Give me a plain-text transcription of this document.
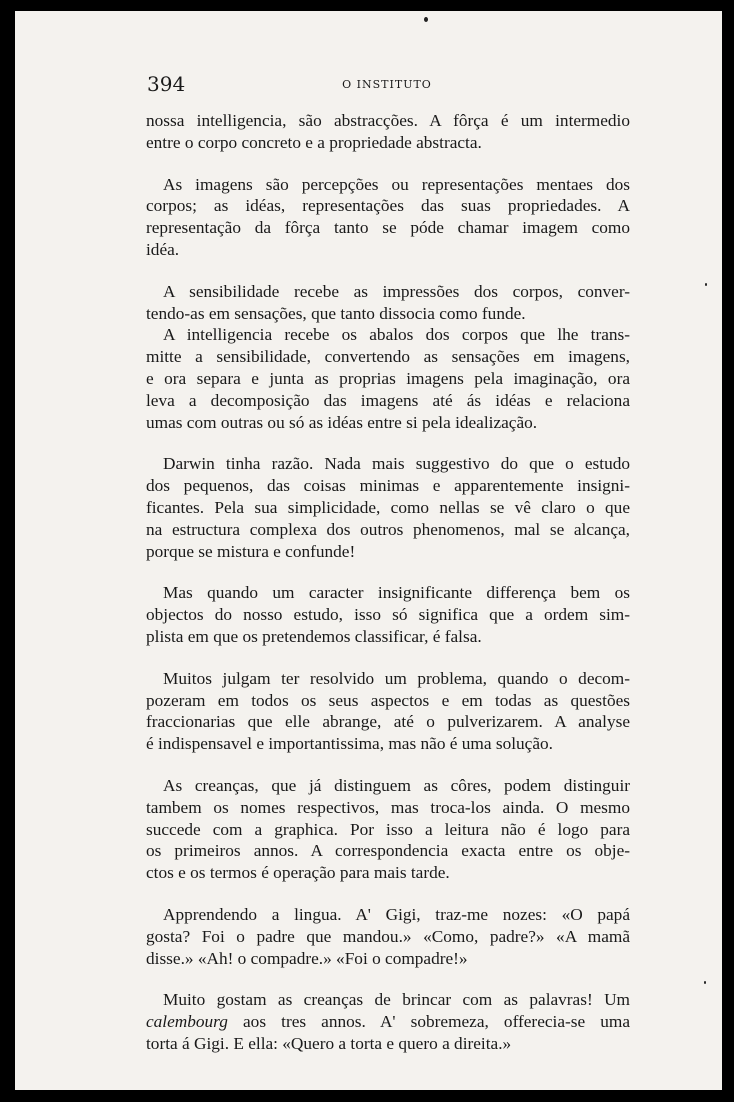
394	O INSTITUTO
nossa intelligencia, são abstracções. A fôrça é um intermedio
entre o corpo concreto e a propriedade abstracta.
As imagens são percepções ou representações mentaes dos
corpos; as idéas, representações das suas propriedades. A
representação da fôrça tanto se póde chamar imagem como
idéa.
A sensibilidade recebe as impressões dos corpos, conver-
tendo-as em sensações, que tanto dissocia como funde.
A intelligencia recebe os abalos dos corpos que lhe trans-
mitte a sensibilidade, convertendo as sensações em imagens,
e ora separa e junta as proprias imagens pela imaginação, ora
leva a decomposição das imagens até ás idéas e relaciona
umas com outras ou só as idéas entre si pela idealização.
Darwin tinha razão. Nada mais suggestivo do que o estudo
dos pequenos, das coisas minimas e apparentemente insigni-
ficantes. Pela sua simplicidade, como nellas se vê claro o que
na estructura complexa dos outros phenomenos, mal se alcança,
porque se mistura e confunde!
Mas quando um caracter insignificante differença bem os
objectos do nosso estudo, isso só significa que a ordem sim-
plista em que os pretendemos classificar, é falsa.
Muitos julgam ter resolvido um problema, quando o decom-
pozeram em todos os seus aspectos e em todas as questões
fraccionarias que elle abrange, até o pulverizarem. A analyse
é indispensavel e importantissima, mas não é uma solução.
As creanças, que já distinguem as côres, podem distinguir
tambem os nomes respectivos, mas troca-los ainda. O mesmo
succede com a graphica. Por isso a leitura não é logo para
os primeiros annos. A correspondencia exacta entre os obje-
ctos e os termos é operação para mais tarde.
Apprendendo a lingua. A' Gigi, traz-me nozes: «O papá
gosta? Foi o padre que mandou.» «Como, padre?» «A mamã
disse.» «Ah! o compadre.» «Foi o compadre!»
Muito gostam as creanças de brincar com as palavras! Um
calembourg aos tres annos. A' sobremeza, offerecia-se uma
torta á Gigi. E ella: «Quero a torta e quero a direita.»
